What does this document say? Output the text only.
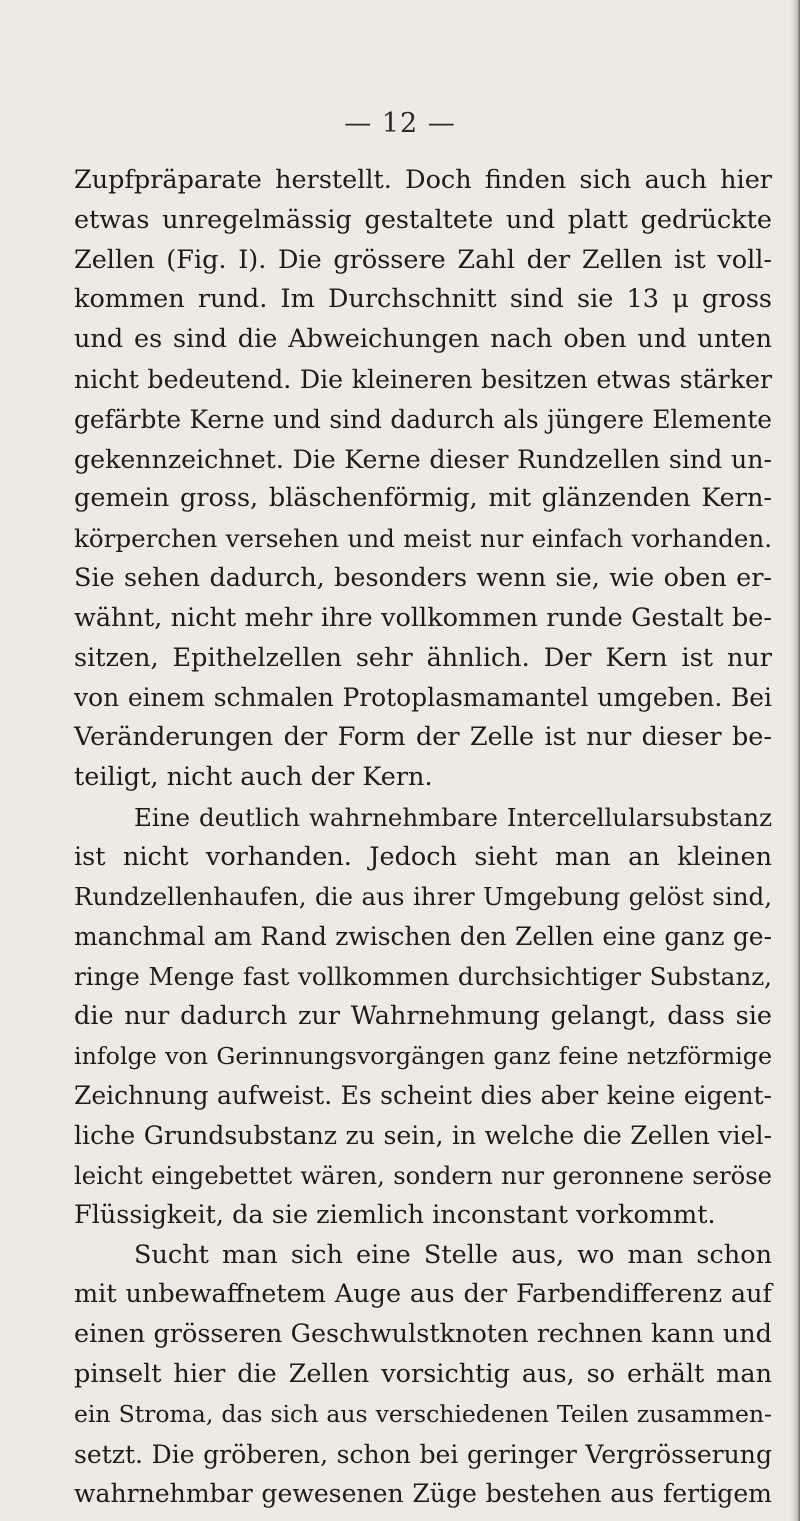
— 12 —
Zupfpräparate herstellt. Doch finden sich auch hier
etwas unregelmässig gestaltete und platt gedrückte
Zellen (Fig. I). Die grössere Zahl der Zellen ist voll-
kommen rund. Im Durchschnitt sind sie 13 μ gross
und es sind die Abweichungen nach oben und unten
nicht bedeutend. Die kleineren besitzen etwas stärker
gefärbte Kerne und sind dadurch als jüngere Elemente
gekennzeichnet. Die Kerne dieser Rundzellen sind un-
gemein gross, bläschenförmig, mit glänzenden Kern-
körperchen versehen und meist nur einfach vorhanden.
Sie sehen dadurch, besonders wenn sie, wie oben er-
wähnt, nicht mehr ihre vollkommen runde Gestalt be-
sitzen, Epithelzellen sehr ähnlich. Der Kern ist nur
von einem schmalen Protoplasmamantel umgeben. Bei
Veränderungen der Form der Zelle ist nur dieser be-
teiligt, nicht auch der Kern.
Eine deutlich wahrnehmbare Intercellularsubstanz
ist nicht vorhanden. Jedoch sieht man an kleinen
Rundzellenhaufen, die aus ihrer Umgebung gelöst sind,
manchmal am Rand zwischen den Zellen eine ganz ge-
ringe Menge fast vollkommen durchsichtiger Substanz,
die nur dadurch zur Wahrnehmung gelangt, dass sie
infolge von Gerinnungsvorgängen ganz feine netzförmige
Zeichnung aufweist. Es scheint dies aber keine eigent-
liche Grundsubstanz zu sein, in welche die Zellen viel-
leicht eingebettet wären, sondern nur geronnene seröse
Flüssigkeit, da sie ziemlich inconstant vorkommt.
Sucht man sich eine Stelle aus, wo man schon
mit unbewaffnetem Auge aus der Farbendifferenz auf
einen grösseren Geschwulstknoten rechnen kann und
pinselt hier die Zellen vorsichtig aus, so erhält man
ein Stroma, das sich aus verschiedenen Teilen zusammen-
setzt. Die gröberen, schon bei geringer Vergrösserung
wahrnehmbar gewesenen Züge bestehen aus fertigem
